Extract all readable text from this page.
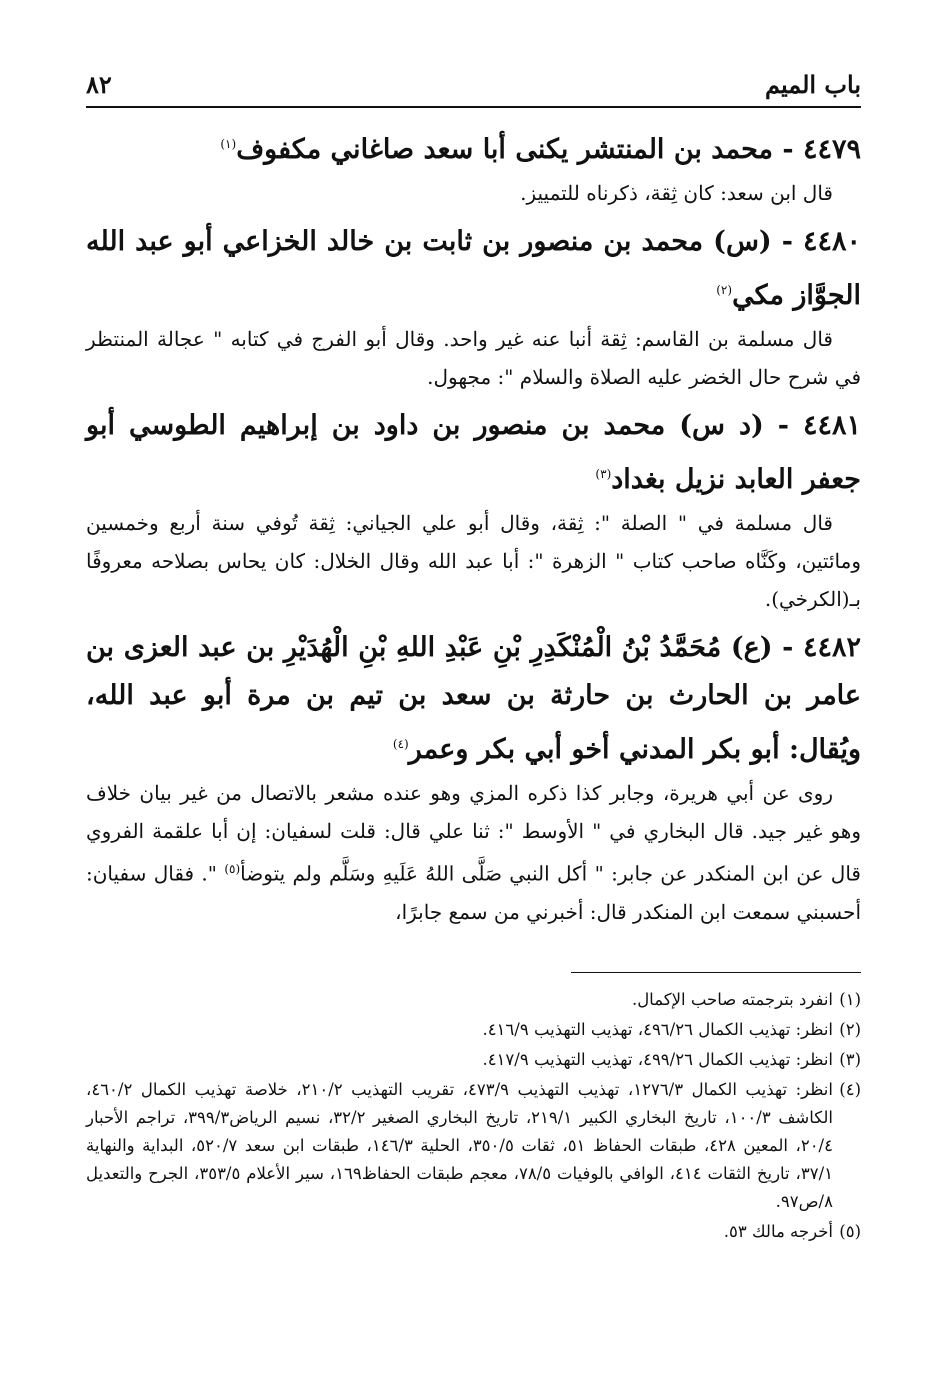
باب الميم
٨٢

٤٤٧٩ - محمد بن المنتشر يكنى أبا سعد صاغاني مكفوف$^{(١)}$

قال ابن سعد: كان ثِقة، ذكرناه للتمييز.

٤٤٨٠ - (س) محمد بن منصور بن ثابت بن خالد الخزاعي أبو عبد الله الجوَّاز مكي$^{(٢)}$

قال مسلمة بن القاسم: ثِقة أنبا عنه غير واحد. وقال أبو الفرج في كتابه " عجالة المنتظر في شرح حال الخضر عليه الصلاة والسلام ": مجهول.

٤٤٨١ - (د س) محمد بن منصور بن داود بن إبراهيم الطوسي أبو جعفر العابد نزيل بغداد$^{(٣)}$

قال مسلمة في " الصلة ": ثِقة، وقال أبو علي الجياني: ثِقة تُوفي سنة أربع وخمسين ومائتين، وكَنَّاه صاحب كتاب " الزهرة ": أبا عبد الله وقال الخلال: كان يحاس بصلاحه معروفًا بـ(الكرخي).

٤٤٨٢ - (ع) مُحَمَّدُ بْنُ الْمُنْكَدِرِ بْنِ عَبْدِ اللهِ بْنِ الْهُدَيْرِ بن عبد العزى بن عامر بن الحارث بن حارثة بن سعد بن تيم بن مرة أبو عبد الله، ويُقال: أبو بكر المدني أخو أبي بكر وعمر$^{(٤)}$

روى عن أبي هريرة، وجابر كذا ذكره المزي وهو عنده مشعر بالاتصال من غير بيان خلاف وهو غير جيد. قال البخاري في " الأوسط ": ثنا علي قال: قلت لسفيان: إن أبا علقمة الفروي قال عن ابن المنكدر عن جابر: " أكل النبي صَلَّى اللهُ عَلَيهِ وسَلَّم ولم يتوضأ$^{(٥)}$ ". فقال سفيان: أحسبني سمعت ابن المنكدر قال: أخبرني من سمع جابرًا،

(١)
انفرد بترجمته صاحب الإكمال.

(٢)
انظر: تهذيب الكمال ٤٩٦/٢٦، تهذيب التهذيب ٤١٦/٩.

(٣)
انظر: تهذيب الكمال ٤٩٩/٢٦، تهذيب التهذيب ٤١٧/٩.

(٤)
انظر: تهذيب الكمال ١٢٧٦/٣، تهذيب التهذيب ٤٧٣/٩، تقريب التهذيب ٢١٠/٢، خلاصة تهذيب الكمال ٤٦٠/٢، الكاشف ١٠٠/٣، تاريخ البخاري الكبير ٢١٩/١، تاريخ البخاري الصغير ٣٢/٢، نسيم الرياض٣٩٩/٣، تراجم الأحبار ٢٠/٤، المعين ٤٢٨، طبقات الحفاظ ٥١، ثقات ٣٥٠/٥، الحلية ١٤٦/٣، طبقات ابن سعد ٥٢٠/٧، البداية والنهاية ٣٧/١، تاريخ الثقات ٤١٤، الوافي بالوفيات ٧٨/٥، معجم طبقات الحفاظ١٦٩، سير الأعلام ٣٥٣/٥، الجرح والتعديل ٨/ص٩٧.

(٥)
أخرجه مالك ٥٣.
